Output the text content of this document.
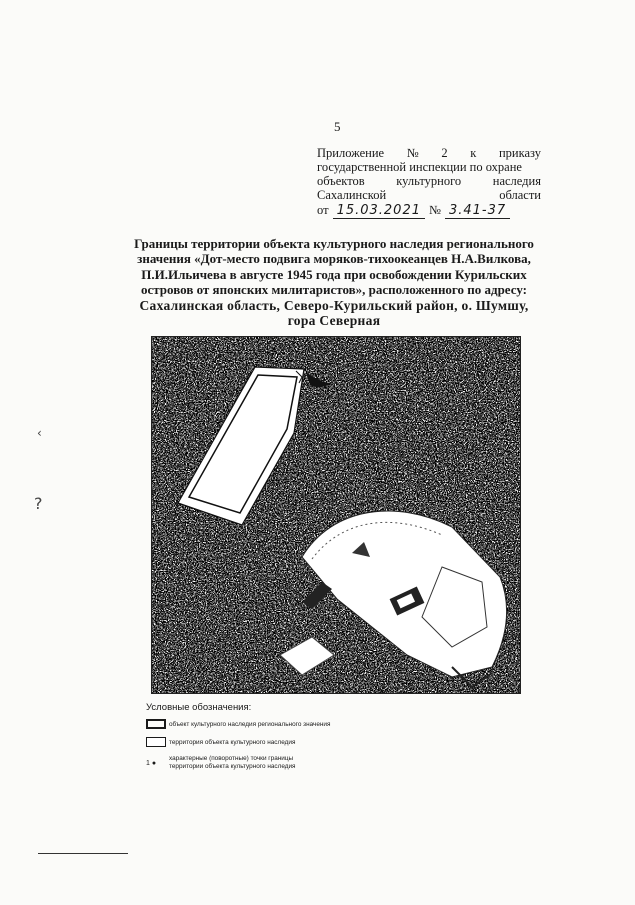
5
Приложение № 2 к приказу
государственной инспекции по охране
объектов	культурного	наследия
Сахалинской	области
от 15.03.2021 № 3.41-37
Границы территории объекта культурного наследия регионального
значения «Дот-место подвига моряков-тихоокеанцев Н.А.Вилкова,
П.И.Ильичева в августе 1945 года при освобождении Курильских
островов от японских милитаристов», расположенного по адресу:
Сахалинская область, Северо-Курильский район, о. Шумшу,
гора Северная
Условные обозначения:
объект культурного наследия регионального значения
территория объекта культурного наследия
1 ●
характерные (поворотные) точки границы
территории объекта культурного наследия
‹
?
